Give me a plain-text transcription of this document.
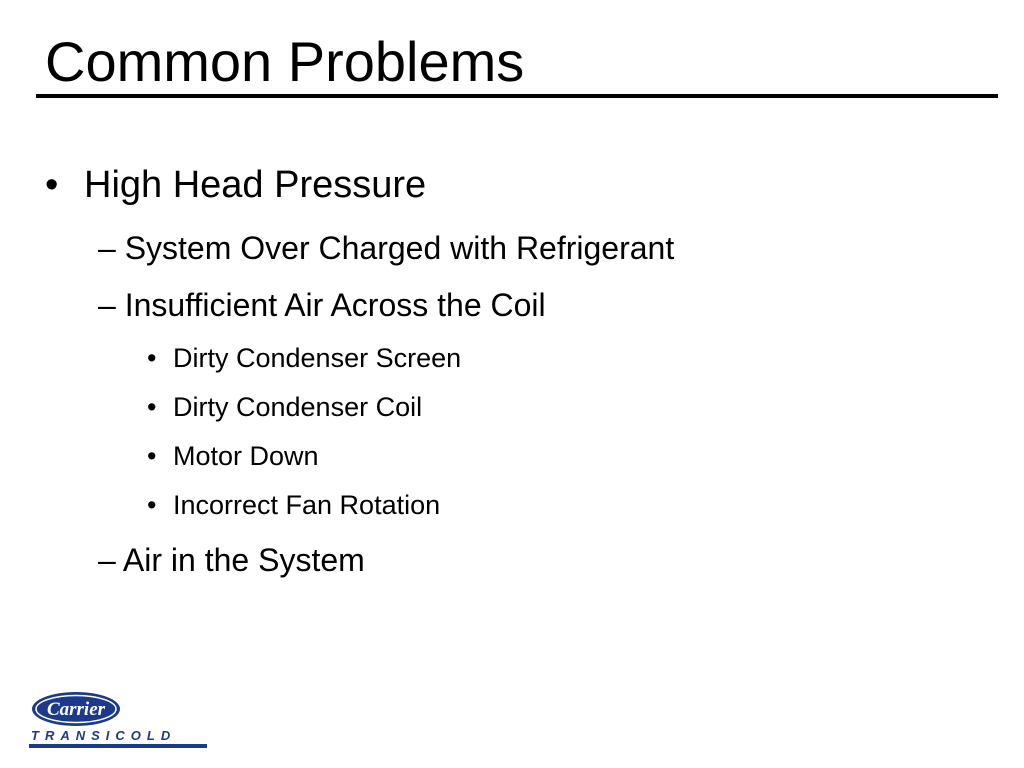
Common Problems
• High Head Pressure
– System Over Charged with Refrigerant
– Insufficient Air Across the Coil
• Dirty Condenser Screen
• Dirty Condenser Coil
• Motor Down
• Incorrect Fan Rotation
– Air in the System
Carrier
TRANSICOLD
